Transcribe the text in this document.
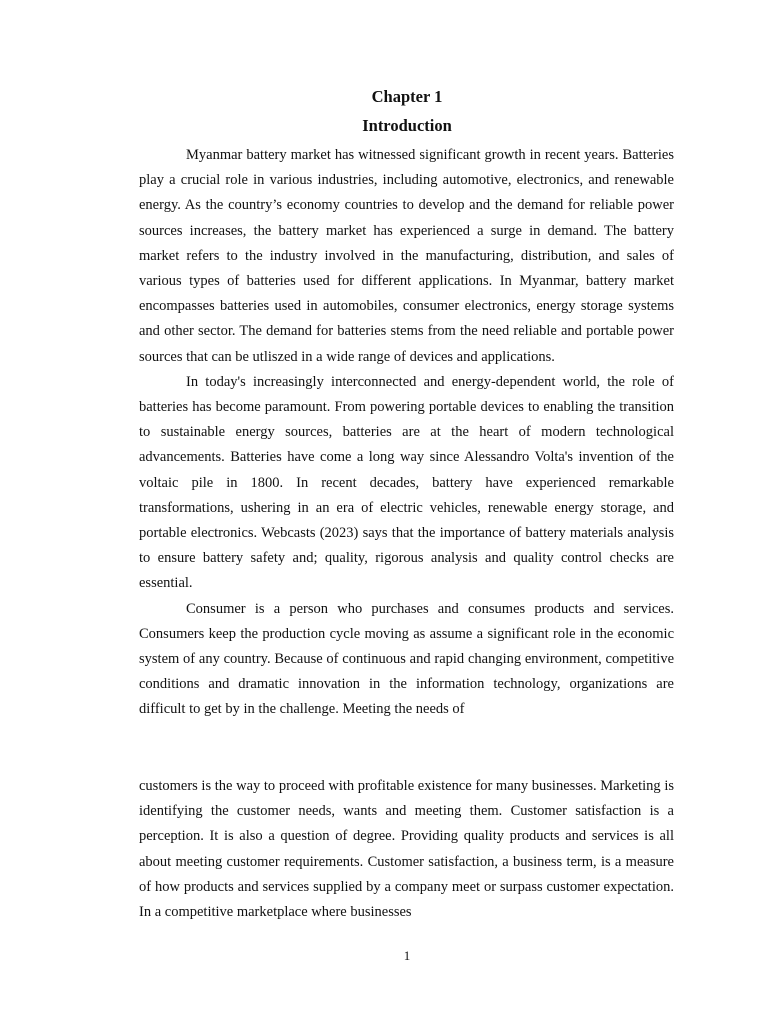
Chapter 1
Introduction

Myanmar battery market has witnessed significant growth in recent years. Batteries play a crucial role in various industries, including automotive, electronics, and renewable energy. As the country’s economy countries to develop and the demand for reliable power sources increases, the battery market has experienced a surge in demand. The battery market refers to the industry involved in the manufacturing, distribution, and sales of various types of batteries used for different applications. In Myanmar, battery market encompasses batteries used in automobiles, consumer electronics, energy storage systems and other sector. The demand for batteries stems from the need reliable and portable power sources that can be utliszed in a wide range of devices and applications.

In today's increasingly interconnected and energy-dependent world, the role of batteries has become paramount. From powering portable devices to enabling the transition to sustainable energy sources, batteries are at the heart of modern technological advancements. Batteries have come a long way since Alessandro Volta's invention of the voltaic pile in 1800. In recent decades, battery have experienced remarkable transformations, ushering in an era of electric vehicles, renewable energy storage, and portable electronics. Webcasts (2023) says that the importance of battery materials analysis to ensure battery safety and; quality, rigorous analysis and quality control checks are essential.

Consumer is a person who purchases and consumes products and services. Consumers keep the production cycle moving as assume a significant role in the economic system of any country. Because of continuous and rapid changing environment, competitive conditions and dramatic innovation in the information technology, organizations are difficult to get by in the challenge. Meeting the needs of

customers is the way to proceed with profitable existence for many businesses. Marketing is identifying the customer needs, wants and meeting them. Customer satisfaction is a perception. It is also a question of degree. Providing quality products and services is all about meeting customer requirements. Customer satisfaction, a business term, is a measure of how products and services supplied by a company meet or surpass customer expectation. In a competitive marketplace where businesses

1
